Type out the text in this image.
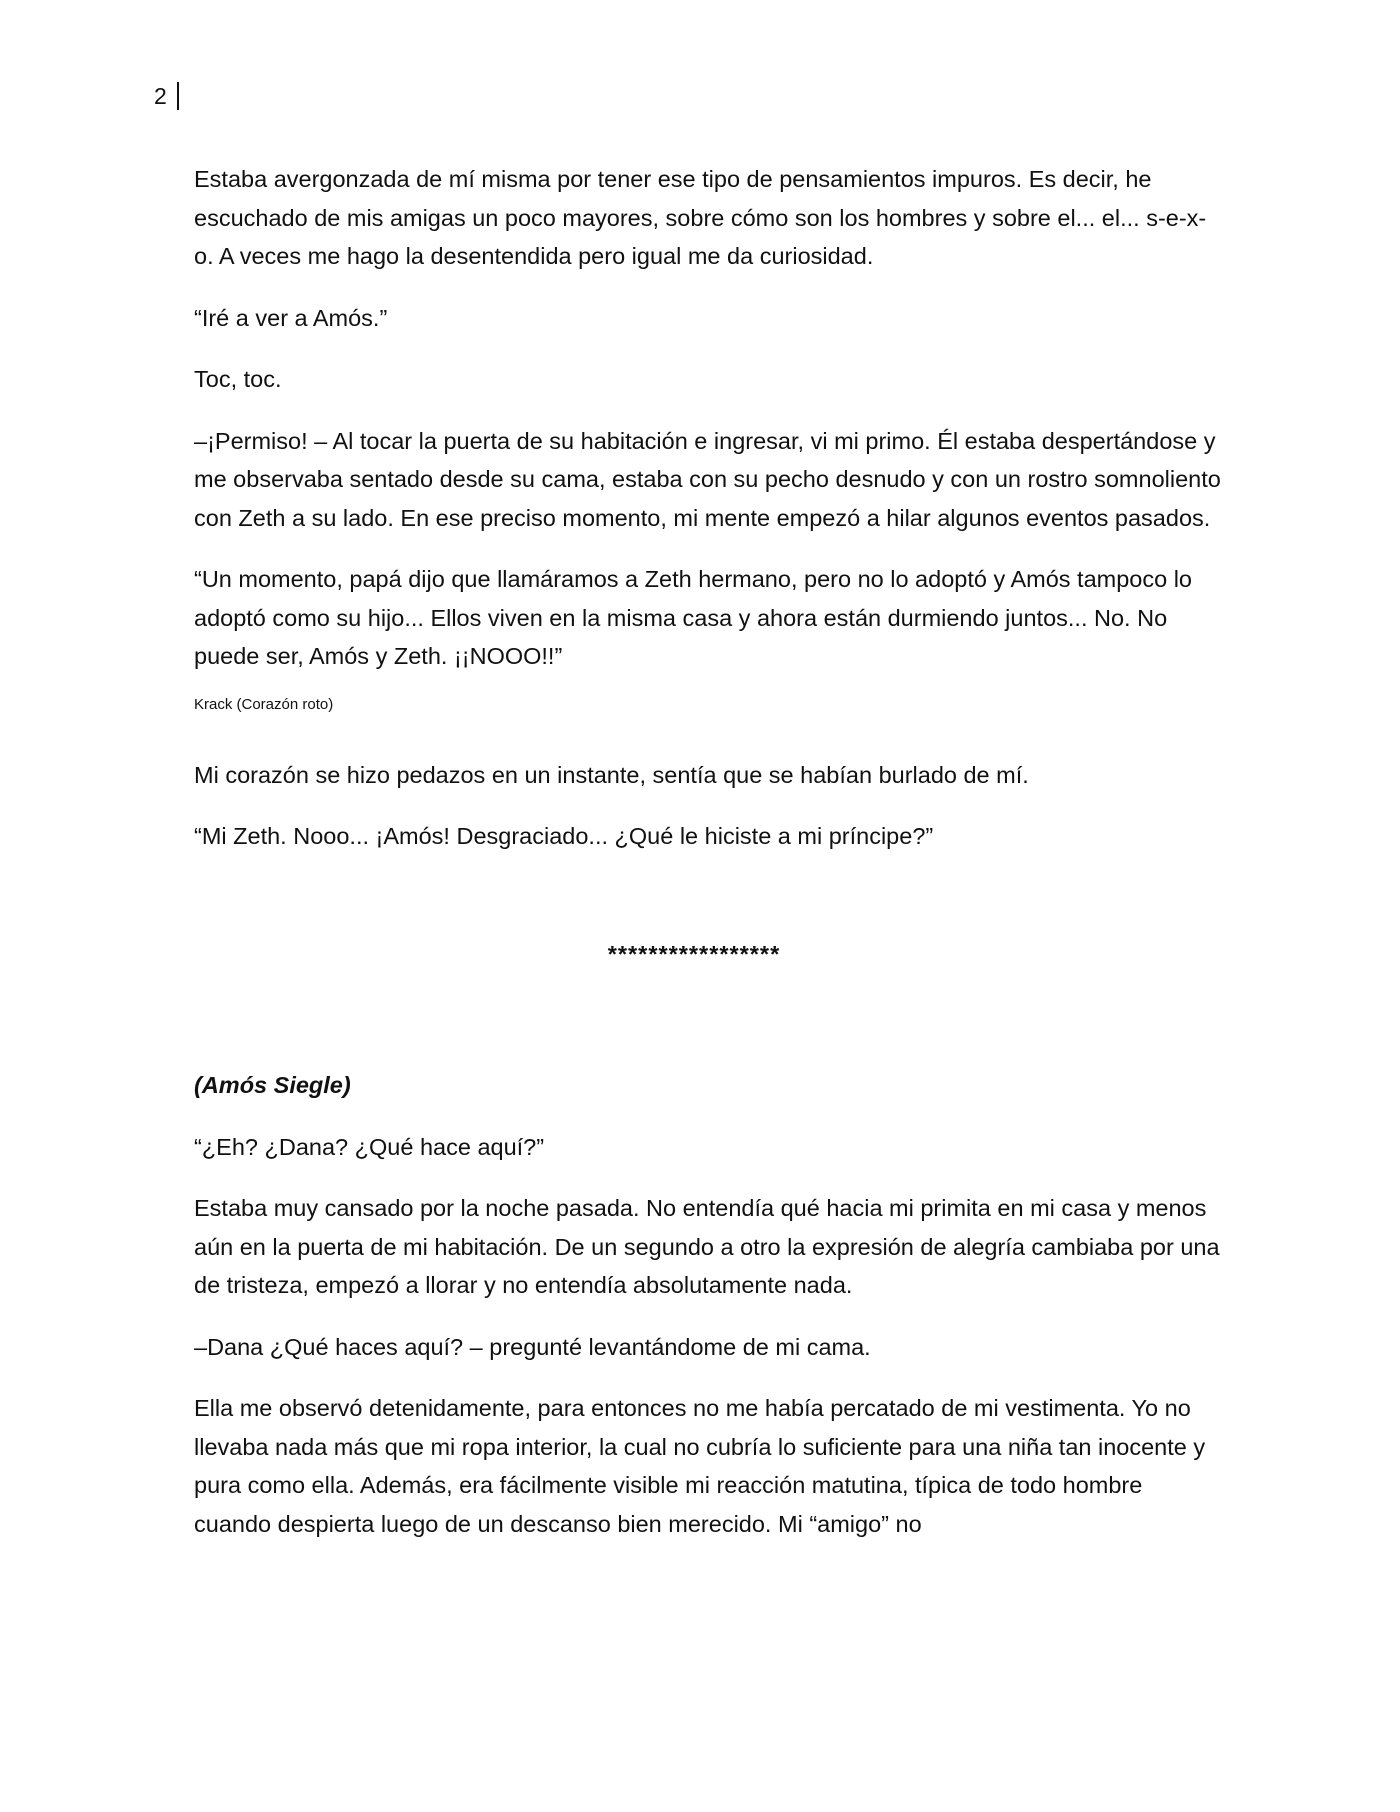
2

Estaba avergonzada de mí misma por tener ese tipo de pensamientos impuros. Es decir, he escuchado de mis amigas un poco mayores, sobre cómo son los hombres y sobre el... el... s-e-x-o. A veces me hago la desentendida pero igual me da curiosidad.

“Iré a ver a Amós.”

Toc, toc.

–¡Permiso! – Al tocar la puerta de su habitación e ingresar, vi mi primo. Él estaba despertándose y me observaba sentado desde su cama, estaba con su pecho desnudo y con un rostro somnoliento con Zeth a su lado. En ese preciso momento, mi mente empezó a hilar algunos eventos pasados.

“Un momento, papá dijo que llamáramos a Zeth hermano, pero no lo adoptó y Amós tampoco lo adoptó como su hijo... Ellos viven en la misma casa y ahora están durmiendo juntos... No. No puede ser, Amós y Zeth. ¡¡NOOO!!”

Krack (Corazón roto)

Mi corazón se hizo pedazos en un instante, sentía que se habían burlado de mí.

“Mi Zeth. Nooo... ¡Amós! Desgraciado... ¿Qué le hiciste a mi príncipe?”

*****************

(Amós Siegle)

“¿Eh? ¿Dana? ¿Qué hace aquí?”

Estaba muy cansado por la noche pasada. No entendía qué hacia mi primita en mi casa y menos aún en la puerta de mi habitación. De un segundo a otro la expresión de alegría cambiaba por una de tristeza, empezó a llorar y no entendía absolutamente nada.

–Dana ¿Qué haces aquí? – pregunté levantándome de mi cama.

Ella me observó detenidamente, para entonces no me había percatado de mi vestimenta. Yo no llevaba nada más que mi ropa interior, la cual no cubría lo suficiente para una niña tan inocente y pura como ella. Además, era fácilmente visible mi reacción matutina, típica de todo hombre cuando despierta luego de un descanso bien merecido. Mi “amigo” no
